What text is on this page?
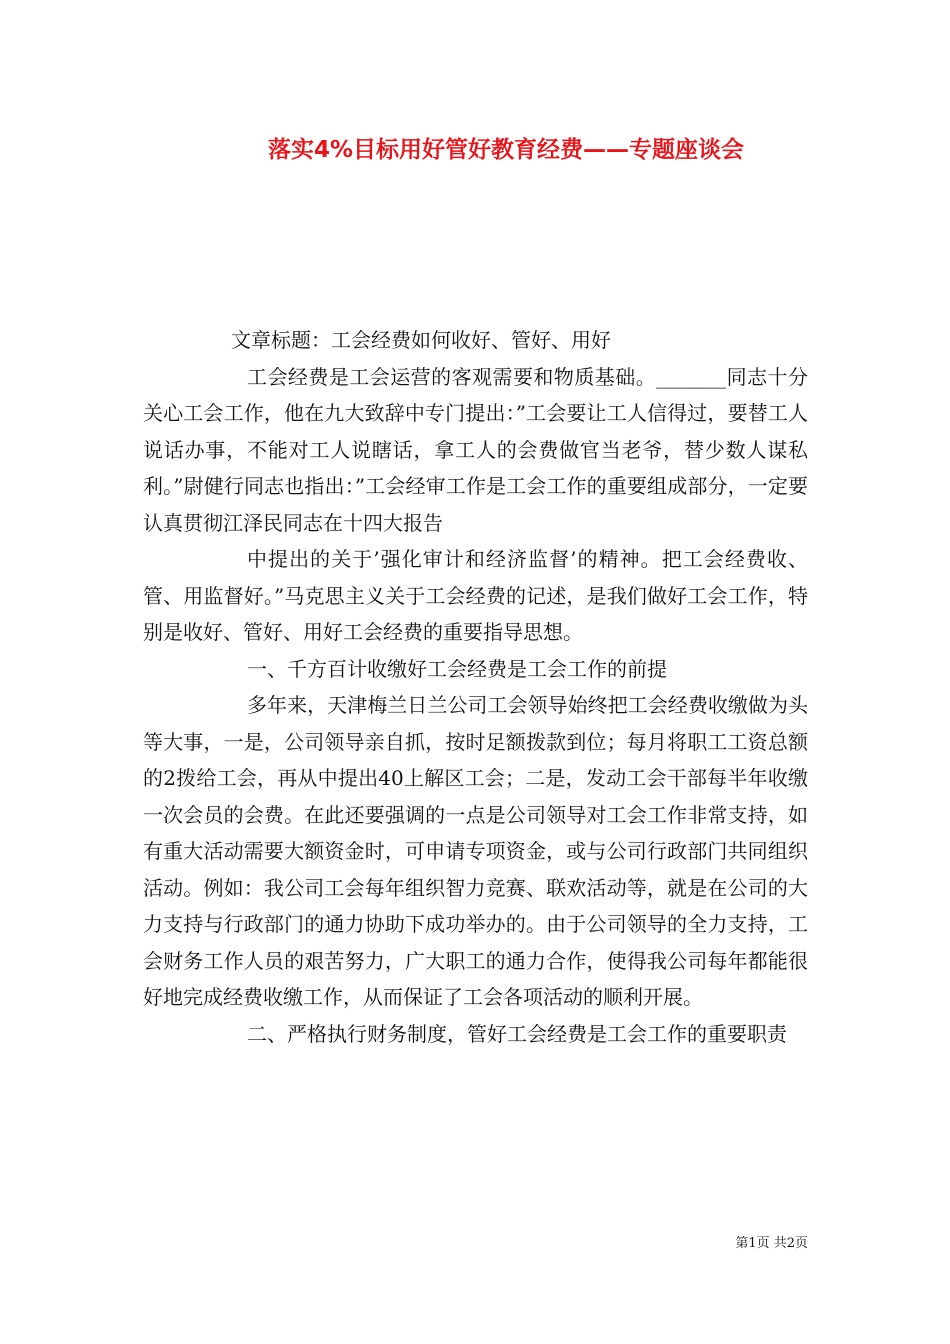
落实4%目标用好管好教育经费——专题座谈会

文章标题：工会经费如何收好、管好、用好

工会经费是工会运营的客观需要和物质基础。_______同志十分关心工会工作，他在九大致辞中专门提出：”工会要让工人信得过，要替工人说话办事，不能对工人说瞎话，拿工人的会费做官当老爷，替少数人谋私利。”尉健行同志也指出：”工会经审工作是工会工作的重要组成部分，一定要认真贯彻江泽民同志在十四大报告

中提出的关于’强化审计和经济监督’的精神。把工会经费收、管、用监督好。”马克思主义关于工会经费的记述，是我们做好工会工作，特别是收好、管好、用好工会经费的重要指导思想。

一、千方百计收缴好工会经费是工会工作的前提

多年来，天津梅兰日兰公司工会领导始终把工会经费收缴做为头等大事，一是，公司领导亲自抓，按时足额拨款到位；每月将职工工资总额的2拨给工会，再从中提出40上解区工会；二是，发动工会干部每半年收缴一次会员的会费。在此还要强调的一点是公司领导对工会工作非常支持，如有重大活动需要大额资金时，可申请专项资金，或与公司行政部门共同组织活动。例如：我公司工会每年组织智力竞赛、联欢活动等，就是在公司的大力支持与行政部门的通力协助下成功举办的。由于公司领导的全力支持，工会财务工作人员的艰苦努力，广大职工的通力合作，使得我公司每年都能很好地完成经费收缴工作，从而保证了工会各项活动的顺利开展。

二、严格执行财务制度，管好工会经费是工会工作的重要职责

第1页 共2页
